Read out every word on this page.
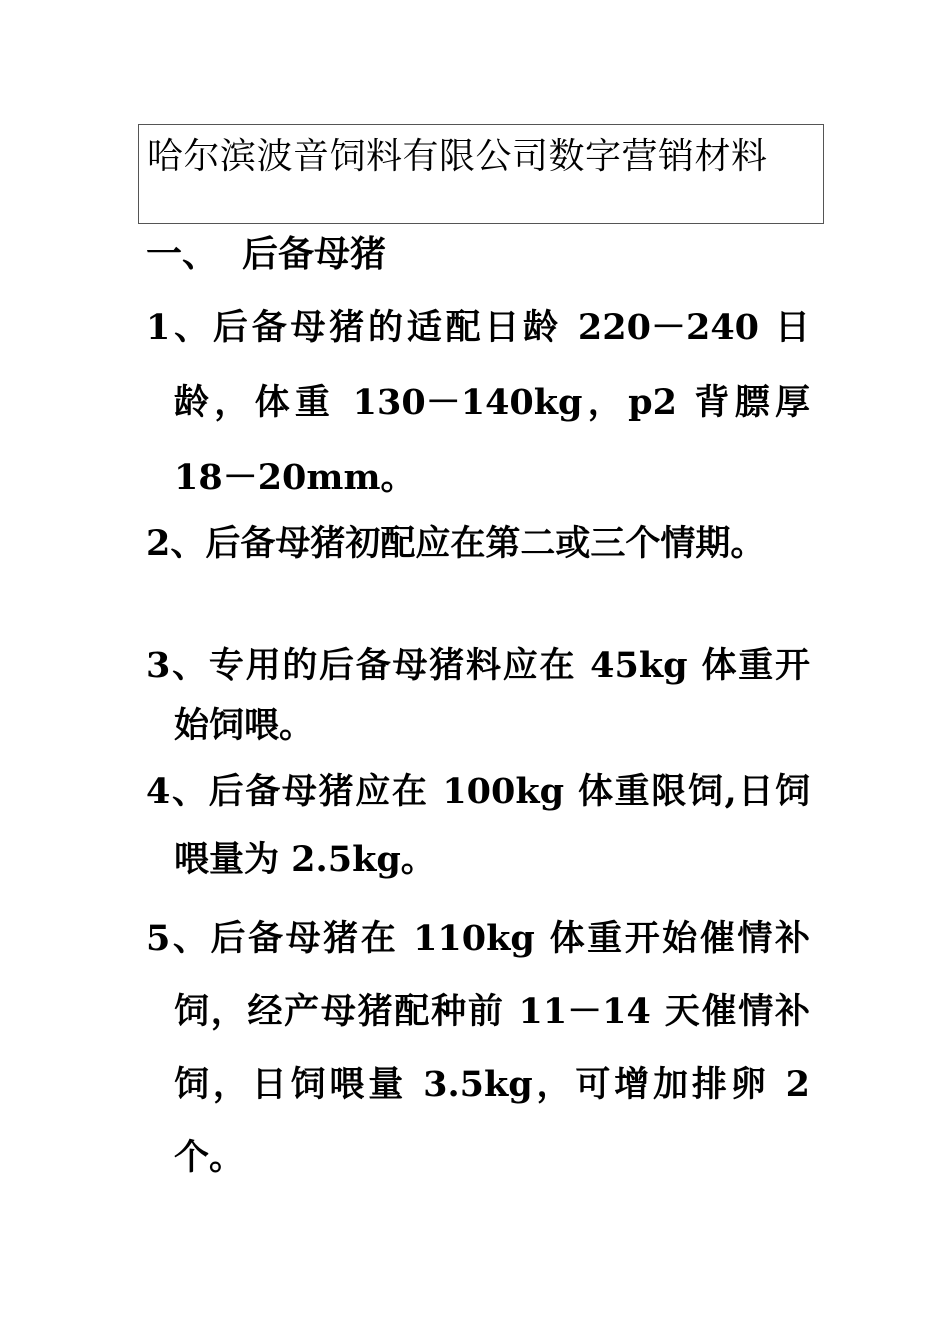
哈尔滨波音饲料有限公司数字营销材料
一、 后备母猪

1、后备母猪的适配日龄 220－240 日龄，体重 130－140kg，p2 背膘厚 18－20mm。

2、后备母猪初配应在第二或三个情期。

3、专用的后备母猪料应在 45kg 体重开始饲喂。

4、后备母猪应在 100kg 体重限饲,日饲喂量为 2.5kg。

5、后备母猪在 110kg 体重开始催情补饲，经产母猪配种前 11－14 天催情补饲，日饲喂量 3.5kg，可增加排卵 2 个。
